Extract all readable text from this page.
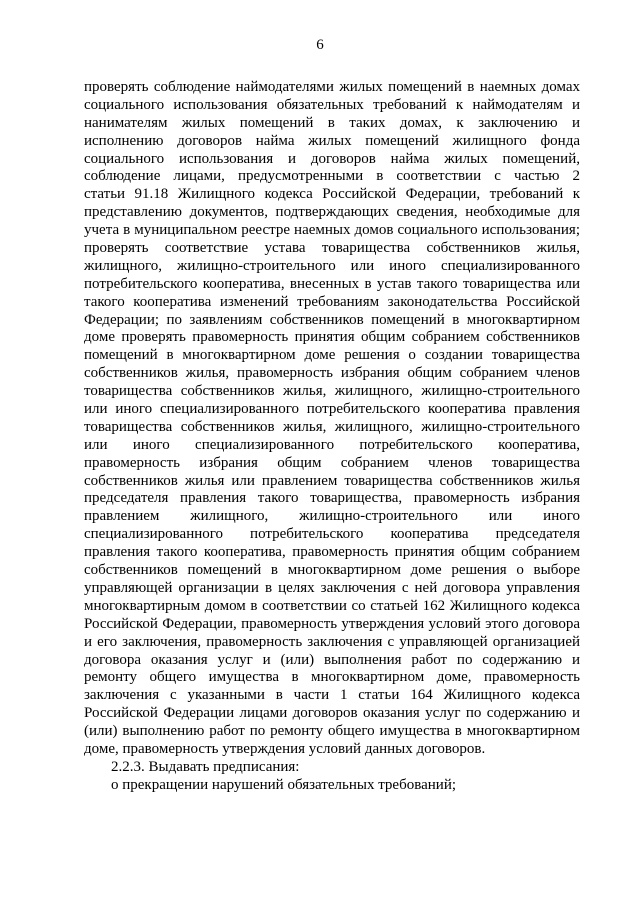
6
проверять соблюдение наймодателями жилых помещений в наемных домах
социального использования обязательных требований к наймодателям и
нанимателям жилых помещений в таких домах, к заключению и
исполнению договоров найма жилых помещений жилищного фонда
социального использования и договоров найма жилых помещений,
соблюдение лицами, предусмотренными в соответствии с частью 2
статьи 91.18 Жилищного кодекса Российской Федерации, требований к
представлению документов, подтверждающих сведения, необходимые для
учета в муниципальном реестре наемных домов социального использования;
проверять соответствие устава товарищества собственников жилья,
жилищного, жилищно-строительного или иного специализированного
потребительского кооператива, внесенных в устав такого товарищества или
такого кооператива изменений требованиям законодательства Российской
Федерации; по заявлениям собственников помещений в многоквартирном
доме проверять правомерность принятия общим собранием собственников
помещений в многоквартирном доме решения о создании товарищества
собственников жилья, правомерность избрания общим собранием членов
товарищества собственников жилья, жилищного, жилищно-строительного
или иного специализированного потребительского кооператива правления
товарищества собственников жилья, жилищного, жилищно-строительного
или иного специализированного потребительского кооператива,
правомерность избрания общим собранием членов товарищества
собственников жилья или правлением товарищества собственников жилья
председателя правления такого товарищества, правомерность избрания
правлением жилищного, жилищно-строительного или иного
специализированного потребительского кооператива председателя
правления такого кооператива, правомерность принятия общим собранием
собственников помещений в многоквартирном доме решения о выборе
управляющей организации в целях заключения с ней договора управления
многоквартирным домом в соответствии со статьей 162 Жилищного кодекса
Российской Федерации, правомерность утверждения условий этого договора
и его заключения, правомерность заключения с управляющей организацией
договора оказания услуг и (или) выполнения работ по содержанию и
ремонту общего имущества в многоквартирном доме, правомерность
заключения с указанными в части 1 статьи 164 Жилищного кодекса
Российской Федерации лицами договоров оказания услуг по содержанию и
(или) выполнению работ по ремонту общего имущества в многоквартирном
доме, правомерность утверждения условий данных договоров.
2.2.3. Выдавать предписания:
о прекращении нарушений обязательных требований;
